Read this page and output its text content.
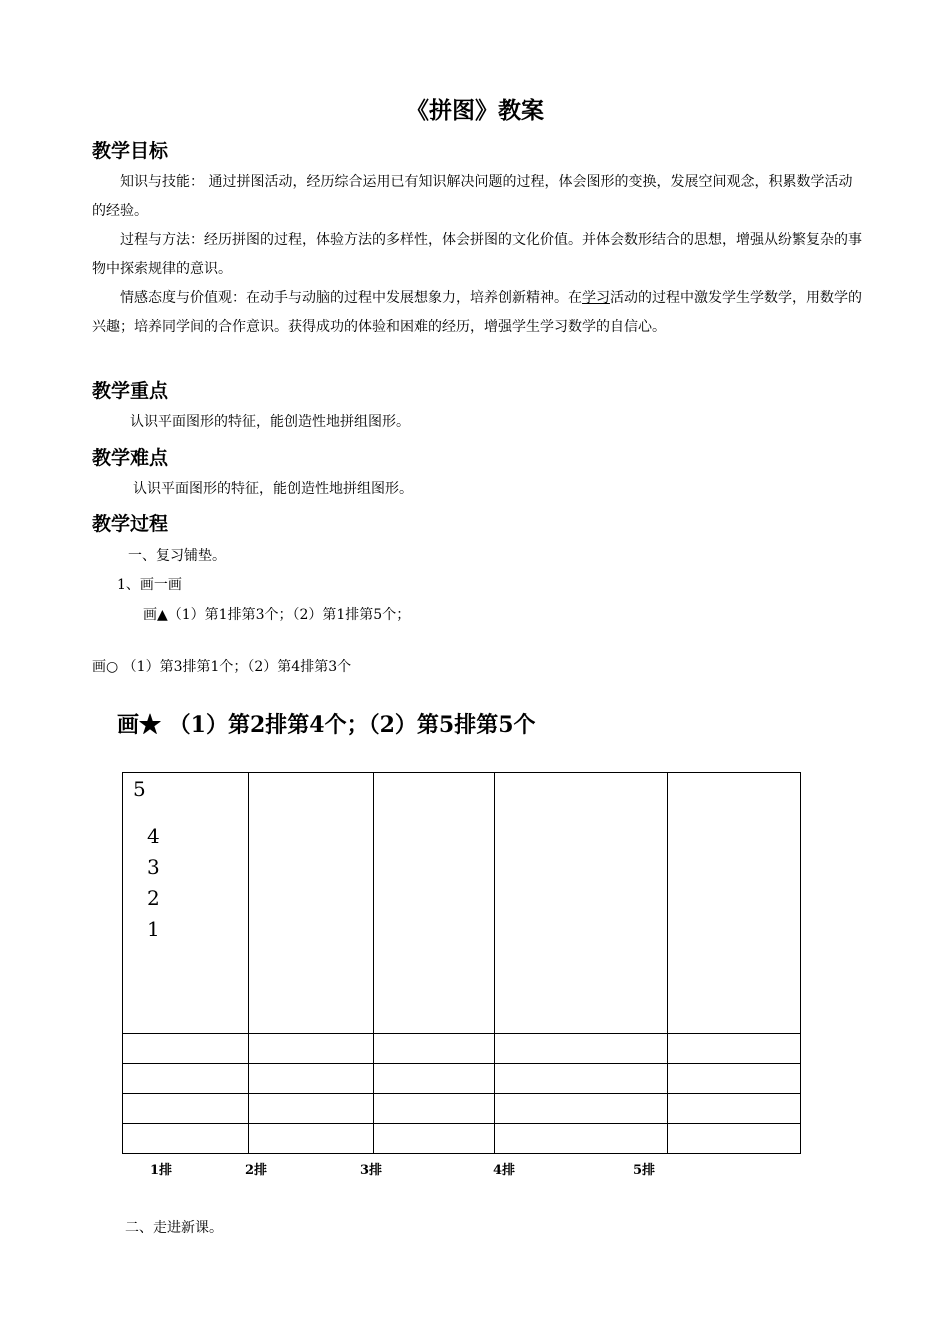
《拼图》教案
教学目标
知识与技能： 通过拼图活动，经历综合运用已有知识解决问题的过程，体会图形的变换，发展空间观念，积累数学活动的经验。
过程与方法：经历拼图的过程，体验方法的多样性，体会拼图的文化价值。并体会数形结合的思想，增强从纷繁复杂的事物中探索规律的意识。
情感态度与价值观：在动手与动脑的过程中发展想象力，培养创新精神。在学习活动的过程中激发学生学数学，用数学的兴趣；培养同学间的合作意识。获得成功的体验和困难的经历，增强学生学习数学的自信心。
教学重点
认识平面图形的特征，能创造性地拼组图形。
教学难点
认识平面图形的特征，能创造性地拼组图形。
教学过程
一、复习铺垫。
1、画一画
画▲（1）第1排第3个；（2）第1排第5个；
画○ （1）第3排第1个；（2）第4排第3个
画★ （1）第2排第4个；（2）第5排第5个
5
4
3
2
1				

1排	2排	3排	4排	5排
二、走进新课。
